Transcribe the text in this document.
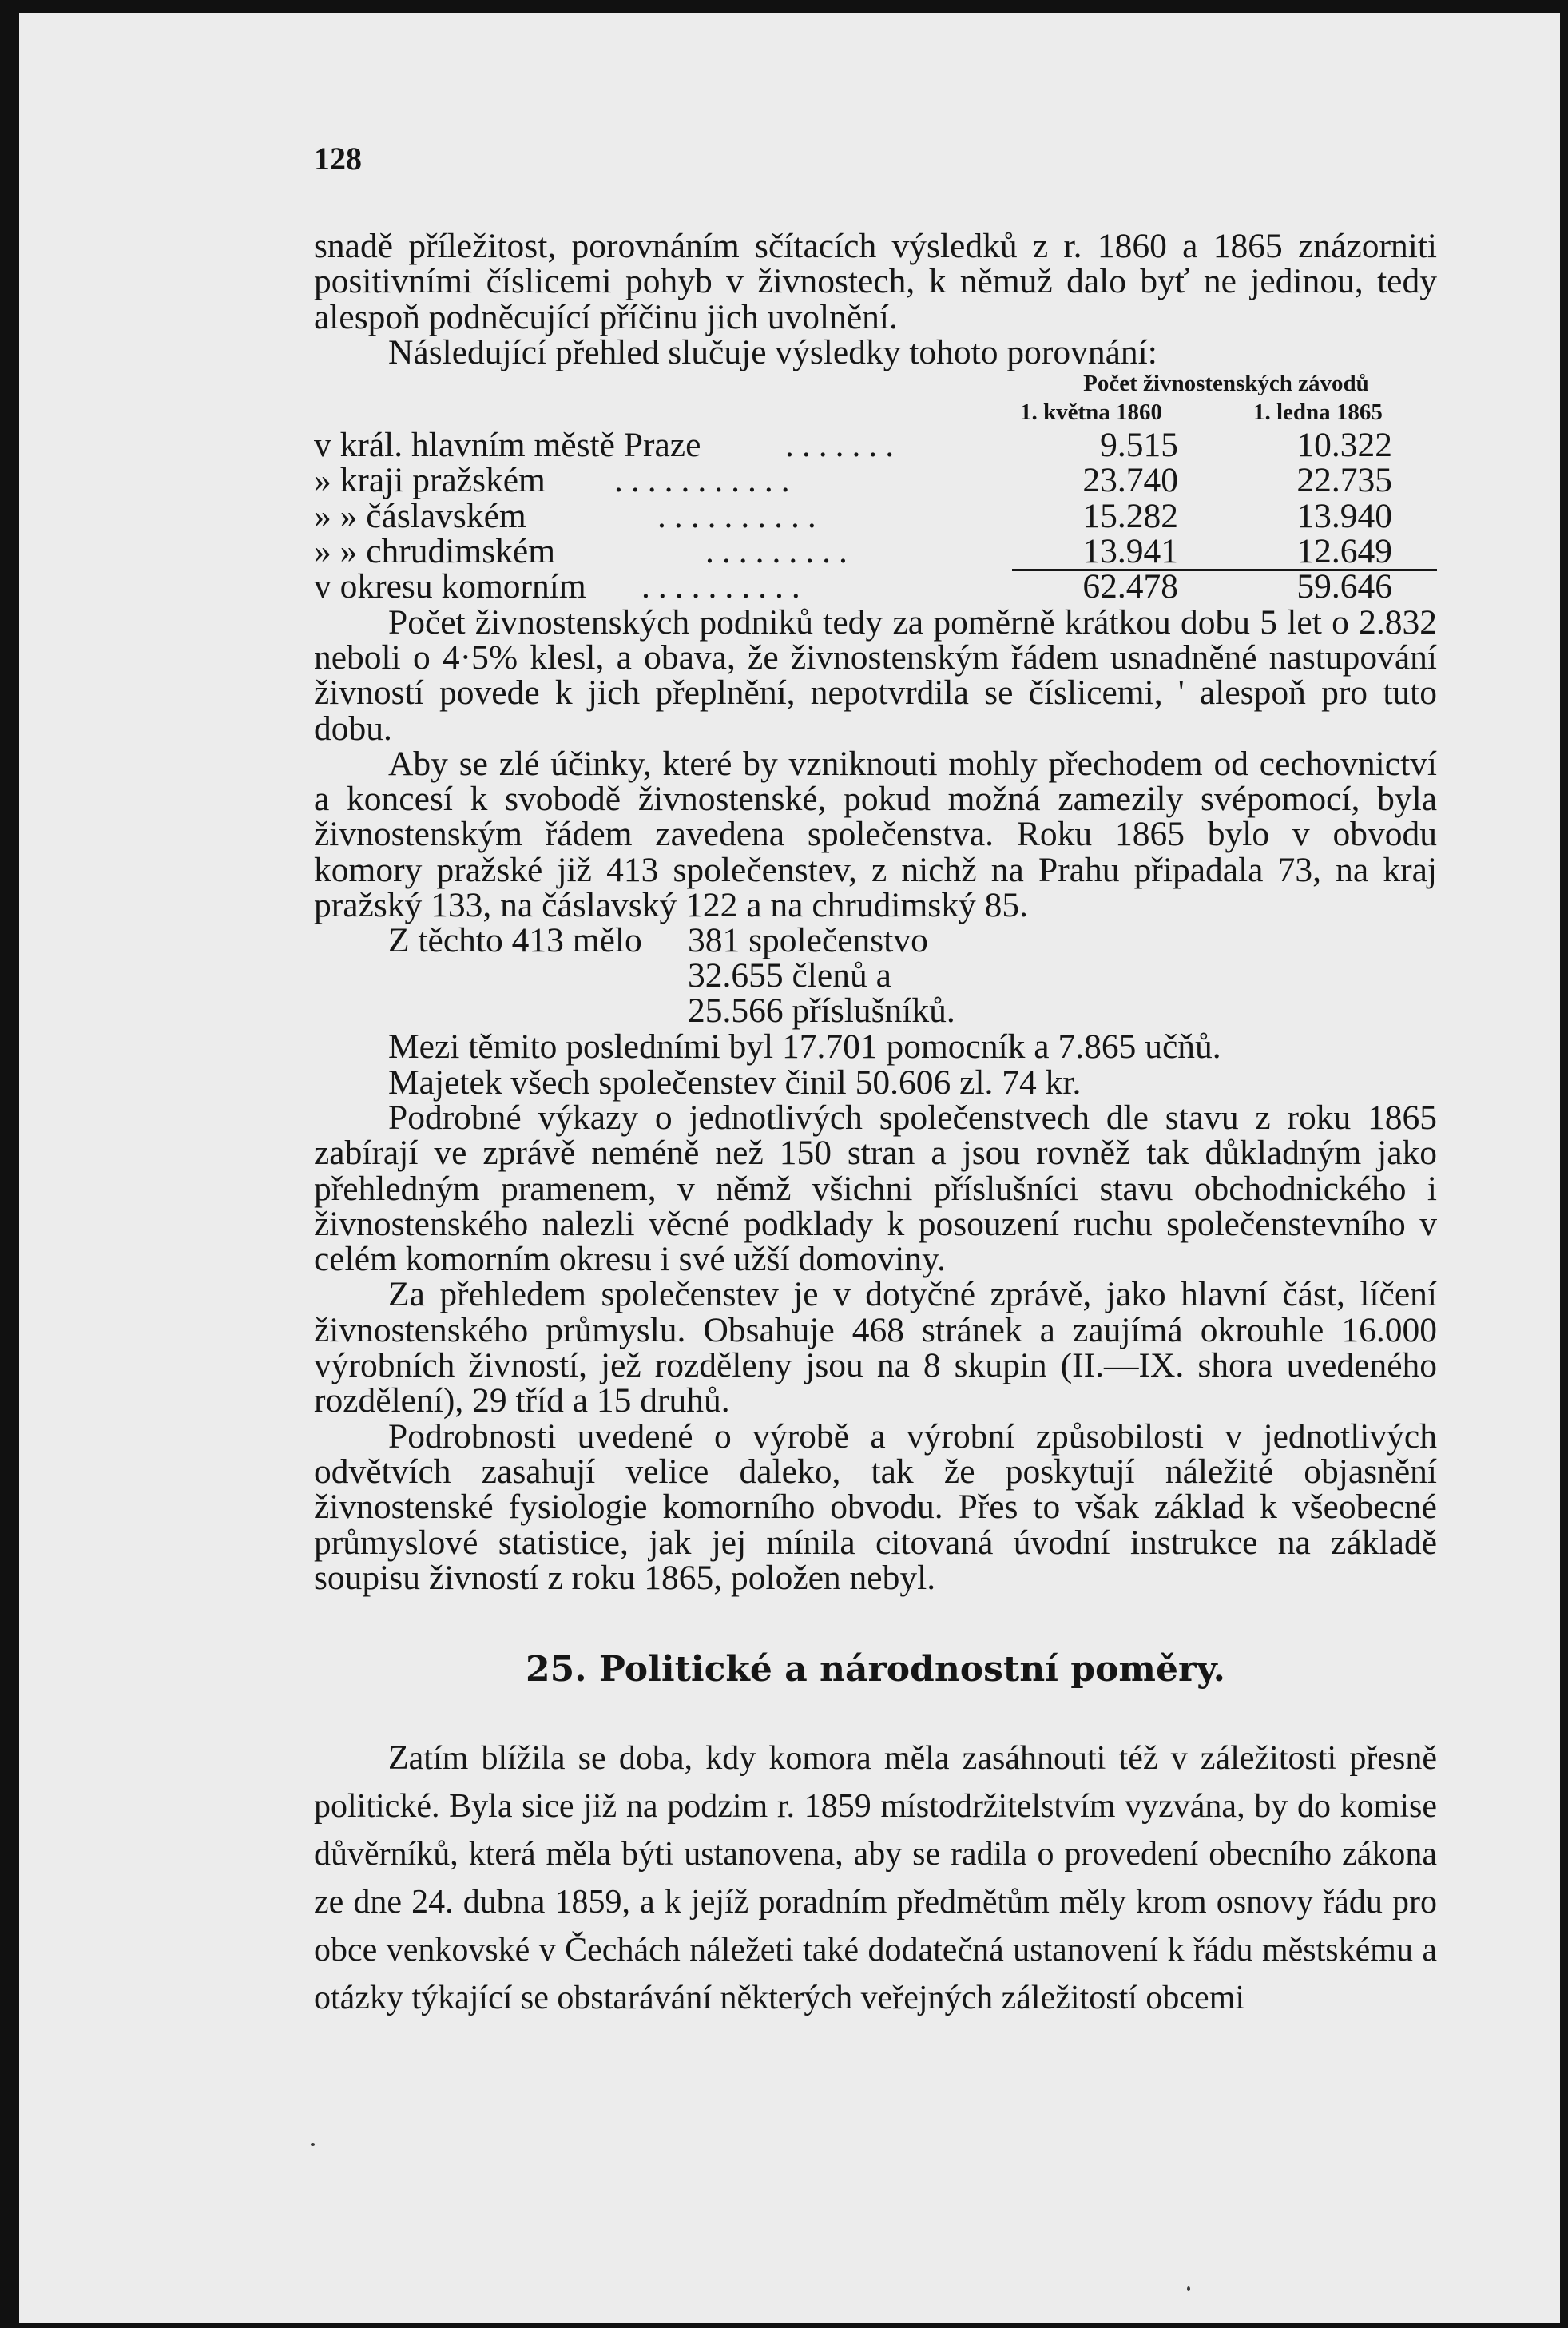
128

snadě příležitost, porovnáním sčítacích výsledků z r. 1860 a 1865 znázorniti positivními číslicemi pohyb v živnostech, k němuž dalo byť ne jedinou, tedy alespoň podněcující příčinu jich uvolnění.

Následující přehled slučuje výsledky tohoto porovnání:

Počet živnostenských závodů
1. května 1860	1. ledna 1865
v král. hlavním městě Praze .......	9.515	10.322
» kraji pražském ...........	23.740	22.735
» » čáslavském	..........	15.282	13.940
» » chrudimském	.........	13.941	12.649
v okresu komorním ..........	62.478	59.646

Počet živnostenských podniků tedy za poměrně krátkou dobu 5 let o 2.832 neboli o 4·5% klesl, a obava, že živnostenským řádem usnadněné nastupování živností povede k jich přeplnění, nepotvrdila se číslicemi, ' alespoň pro tuto dobu.

Aby se zlé účinky, které by vzniknouti mohly přechodem od cechovnictví a koncesí k svobodě živnostenské, pokud možná zamezily svépomocí, byla živnostenským řádem zavedena společenstva. Roku 1865 bylo v obvodu komory pražské již 413 společenstev, z nichž na Prahu připadala 73, na kraj pražský 133, na čáslavský 122 a na chrudimský 85.

Z těchto 413 mělo 381 společenstvo
32.655 členů a
25.566 příslušníků.

Mezi těmito posledními byl 17.701 pomocník a 7.865 učňů.

Majetek všech společenstev činil 50.606 zl. 74 kr.

Podrobné výkazy o jednotlivých společenstvech dle stavu z roku 1865 zabírají ve zprávě neméně než 150 stran a jsou rovněž tak důkladným jako přehledným pramenem, v němž všichni příslušníci stavu obchodnického i živnostenského nalezli věcné podklady k posouzení ruchu společenstevního v celém komorním okresu i své užší domoviny.

Za přehledem společenstev je v dotyčné zprávě, jako hlavní část, líčení živnostenského průmyslu. Obsahuje 468 stránek a zaujímá okrouhle 16.000 výrobních živností, jež rozděleny jsou na 8 skupin (II.—IX. shora uvedeného rozdělení), 29 tříd a 15 druhů.

Podrobnosti uvedené o výrobě a výrobní způsobilosti v jednotlivých odvětvích zasahují velice daleko, tak že poskytují náležité objasnění živnostenské fysiologie komorního obvodu. Přes to však základ k všeobecné průmyslové statistice, jak jej mínila citovaná úvodní instrukce na základě soupisu živností z roku 1865, položen nebyl.

25. Politické a národnostní poměry.

Zatím blížila se doba, kdy komora měla zasáhnouti též v záležitosti přesně politické. Byla sice již na podzim r. 1859 místodržitelstvím vyzvána, by do komise důvěrníků, která měla býti ustanovena, aby se radila o provedení obecního zákona ze dne 24. dubna 1859, a k jejíž poradním předmětům měly krom osnovy řádu pro obce venkovské v Čechách náležeti také dodatečná ustanovení k řádu městskému a otázky týkající se obstarávání některých veřejných záležitostí obcemi
